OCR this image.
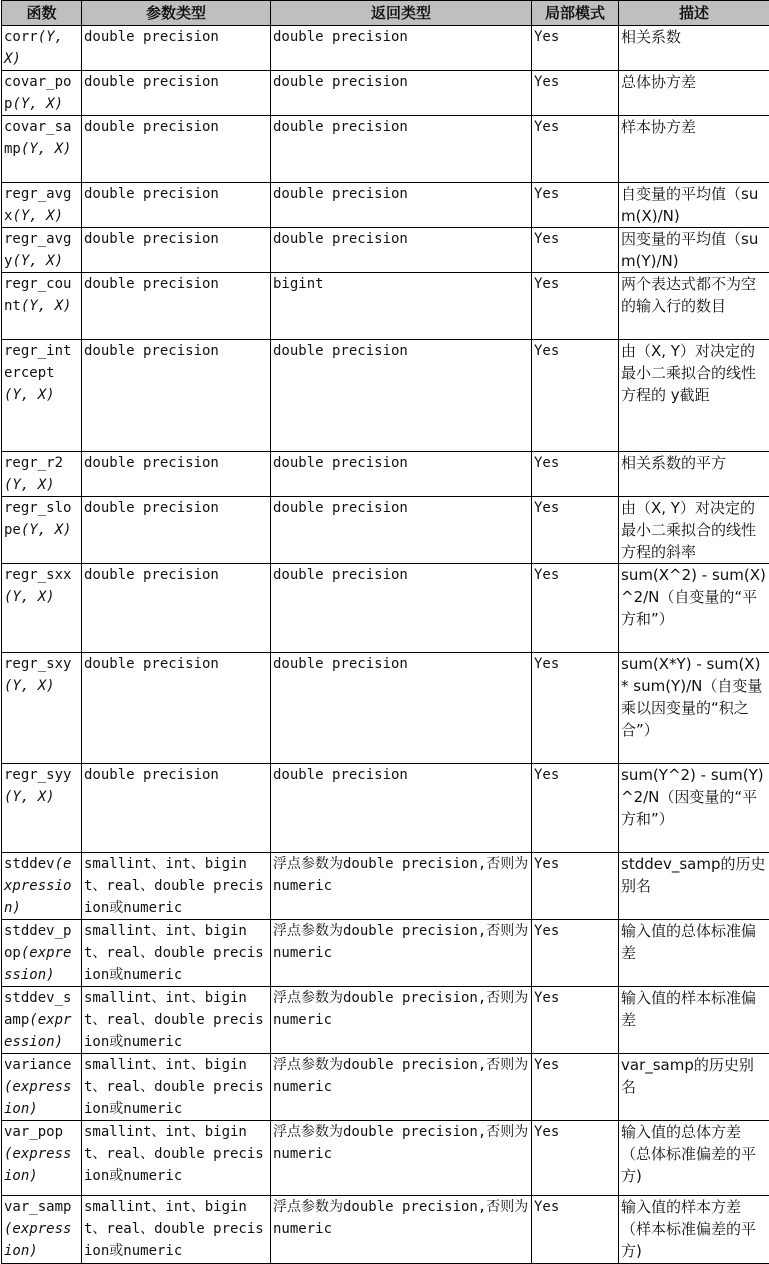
函数	参数类型	返回类型	局部模式	描述
corr(Y, X)	double precision	double precision	Yes	相关系数
covar_pop(Y, X)	double precision	double precision	Yes	总体协方差
covar_samp(Y, X)	double precision	double precision	Yes	样本协方差
regr_avgx(Y, X)	double precision	double precision	Yes	自变量的平均值（sum(X)/N)
regr_avgy(Y, X)	double precision	double precision	Yes	因变量的平均值（sum(Y)/N)
regr_count(Y, X)	double precision	bigint	Yes	两个表达式都不为空的输入行的数目
regr_intercept(Y, X)	double precision	double precision	Yes	由（X, Y）对决定的最小二乘拟合的线性方程的 y截距
regr_r2(Y, X)	double precision	double precision	Yes	相关系数的平方
regr_slope(Y, X)	double precision	double precision	Yes	由（X, Y）对决定的最小二乘拟合的线性方程的斜率
regr_sxx(Y, X)	double precision	double precision	Yes	sum(X^2) - sum(X)^2/N（自变量的“平方和”）
regr_sxy(Y, X)	double precision	double precision	Yes	sum(X*Y) - sum(X) * sum(Y)/N（自变量乘以因变量的“积之合”）
regr_syy(Y, X)	double precision	double precision	Yes	sum(Y^2) - sum(Y)^2/N（因变量的“平方和”）
stddev(expression)	smallint、int、bigint、real、double precision或numeric	浮点参数为double precision,否则为numeric	Yes	stddev_samp的历史别名
stddev_pop(expression)	smallint、int、bigint、real、double precision或numeric	浮点参数为double precision,否则为numeric	Yes	输入值的总体标准偏差
stddev_samp(expression)	smallint、int、bigint、real、double precision或numeric	浮点参数为double precision,否则为numeric	Yes	输入值的样本标准偏差
variance(expression)	smallint、int、bigint、real、double precision或numeric	浮点参数为double precision,否则为numeric	Yes	var_samp的历史别名
var_pop(expression)	smallint、int、bigint、real、double precision或numeric	浮点参数为double precision,否则为numeric	Yes	输入值的总体方差（总体标准偏差的平方)
var_samp(expression)	smallint、int、bigint、real、double precision或numeric	浮点参数为double precision,否则为numeric	Yes	输入值的样本方差（样本标准偏差的平方)
